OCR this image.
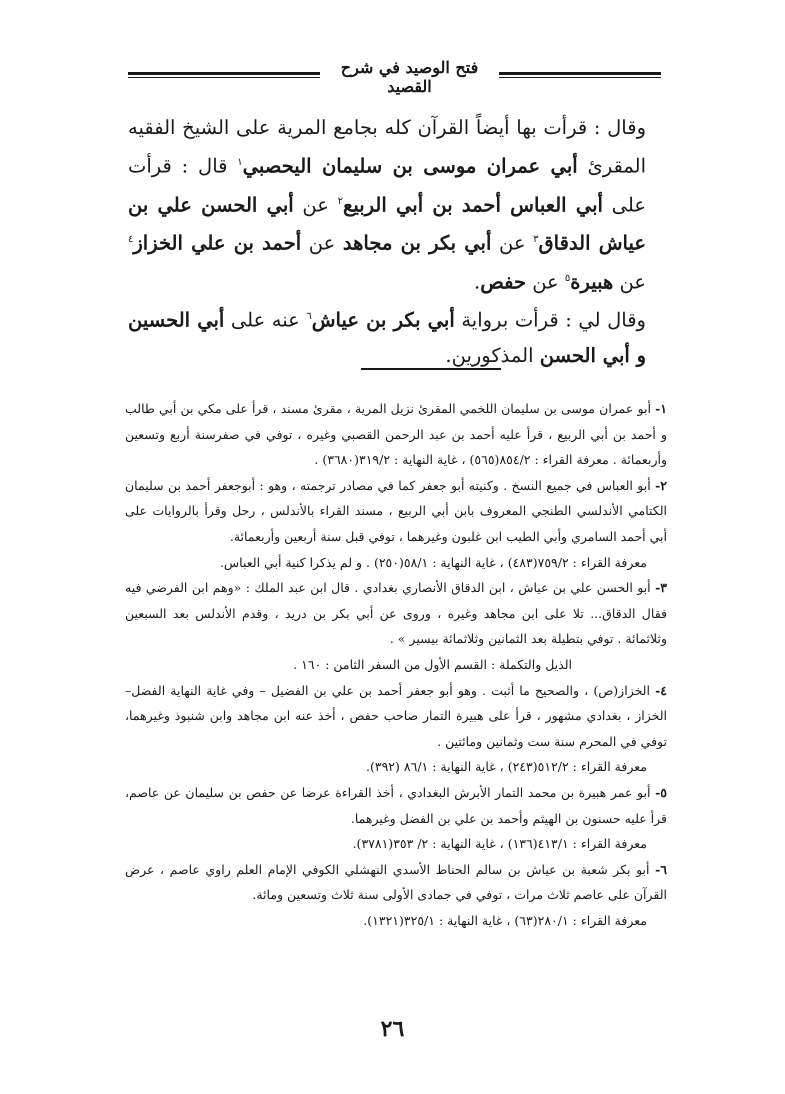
فتح الوصيد في شرح القصيد

وقال : قرأت بها أيضاً القرآن كله بجامع المرية على الشيخ الفقيه المقرئ أبي عمران موسى بن سليمان اليحصبي$^١$ قال : قرأت على أبي العباس أحمد بن أبي الربيع$^٢$ عن أبي الحسن علي بن عياش الدقاق$^٣$ عن أبي بكر بن مجاهد عن أحمد بن علي الخزاز$^٤$ عن هبيرة$^٥$ عن حفص.

وقال لي : قرأت برواية أبي بكر بن عياش$^٦$ عنه على أبي الحسين و أبي الحسن المذكورين.

١- أبو عمران موسى بن سليمان اللخمي المقرئ نزيل المرية ، مقرئ مسند ، قرأ على مكي بن أبي طالب و أحمد بن أبي الربيع ، قرأ عليه أحمد بن عبد الرحمن القصبي وغيره ، توفي في صفرسنة أربع وتسعين وأربعمائة . معرفة القراء : ٨٥٤/٢(٥٦٥) ، غاية النهاية : ٣١٩/٢(٣٦٨٠) .

٢- أبو العباس في جميع النسخ . وكنيته أبو جعفر كما في مصادر ترجمته ، وهو : أبوجعفر أحمد بن سليمان الكتامي الأندلسي الطنجي المعروف بابن أبي الربيع ، مسند القراء بالأندلس ، رحل وقرأ بالروايات على أبي أحمد السامري وأبي الطيب ابن غلبون وغيرهما ، توفي قبل سنة أربعين وأربعمائة.

معرفة القراء : ٧٥٩/٢(٤٨٣) ، غاية النهاية : ٥٨/١(٢٥٠) . و لم يذكرا كنية أبي العباس.

٣- أبو الحسن علي بن عياش ، ابن الدقاق الأنصاري بغدادي . قال ابن عبد الملك : «وهم ابن الفرضي فيه فقال الدقاق... تلا على ابن مجاهد وغيره ، وروى عن أبي بكر بن دريد ، وقدم الأندلس بعد السبعين وثلاثمائة . توفي بتطيلة بعد الثمانين وثلاثمائة بيسير » .

الذيل والتكملة : القسم الأول من السفر الثامن : ١٦٠ .

٤- الخزاز(ص) ، والصحيح ما أثبت . وهو أبو جعفر أحمد بن علي بن الفضيل – وفي غاية النهاية الفضل– الخزاز ، بغدادي مشهور ، قرأ على هبيرة التمار صاحب حفص ، أخذ عنه ابن مجاهد وابن شنبوذ وغيرهما، توفي في المحرم سنة ست وثمانين ومائتين .

معرفة القراء : ٥١٢/٢(٢٤٣) ، غاية النهاية : ٨٦/١ (٣٩٢).

٥- أبو عمر هبيرة بن محمد التمار الأبرش البغدادي ، أخذ القراءة عرضا عن حفص بن سليمان عن عاصم، قرأ عليه حسنون بن الهيثم وأحمد بن علي بن الفضل وغيرهما.

معرفة القراء : ٤١٣/١(١٣٦) ، غاية النهاية : ٢/ ٣٥٣(٣٧٨١).

٦- أبو بكر شعبة بن عياش بن سالم الحناط الأسدي النهشلي الكوفي الإمام العلم راوي عاصم ، عرض القرآن على عاصم ثلاث مرات ، توفي في جمادى الأولى سنة ثلاث وتسعين ومائة.

معرفة القراء : ٢٨٠/١(٦٣) ، غاية النهاية : ٣٢٥/١(١٣٢١).

٢٦
